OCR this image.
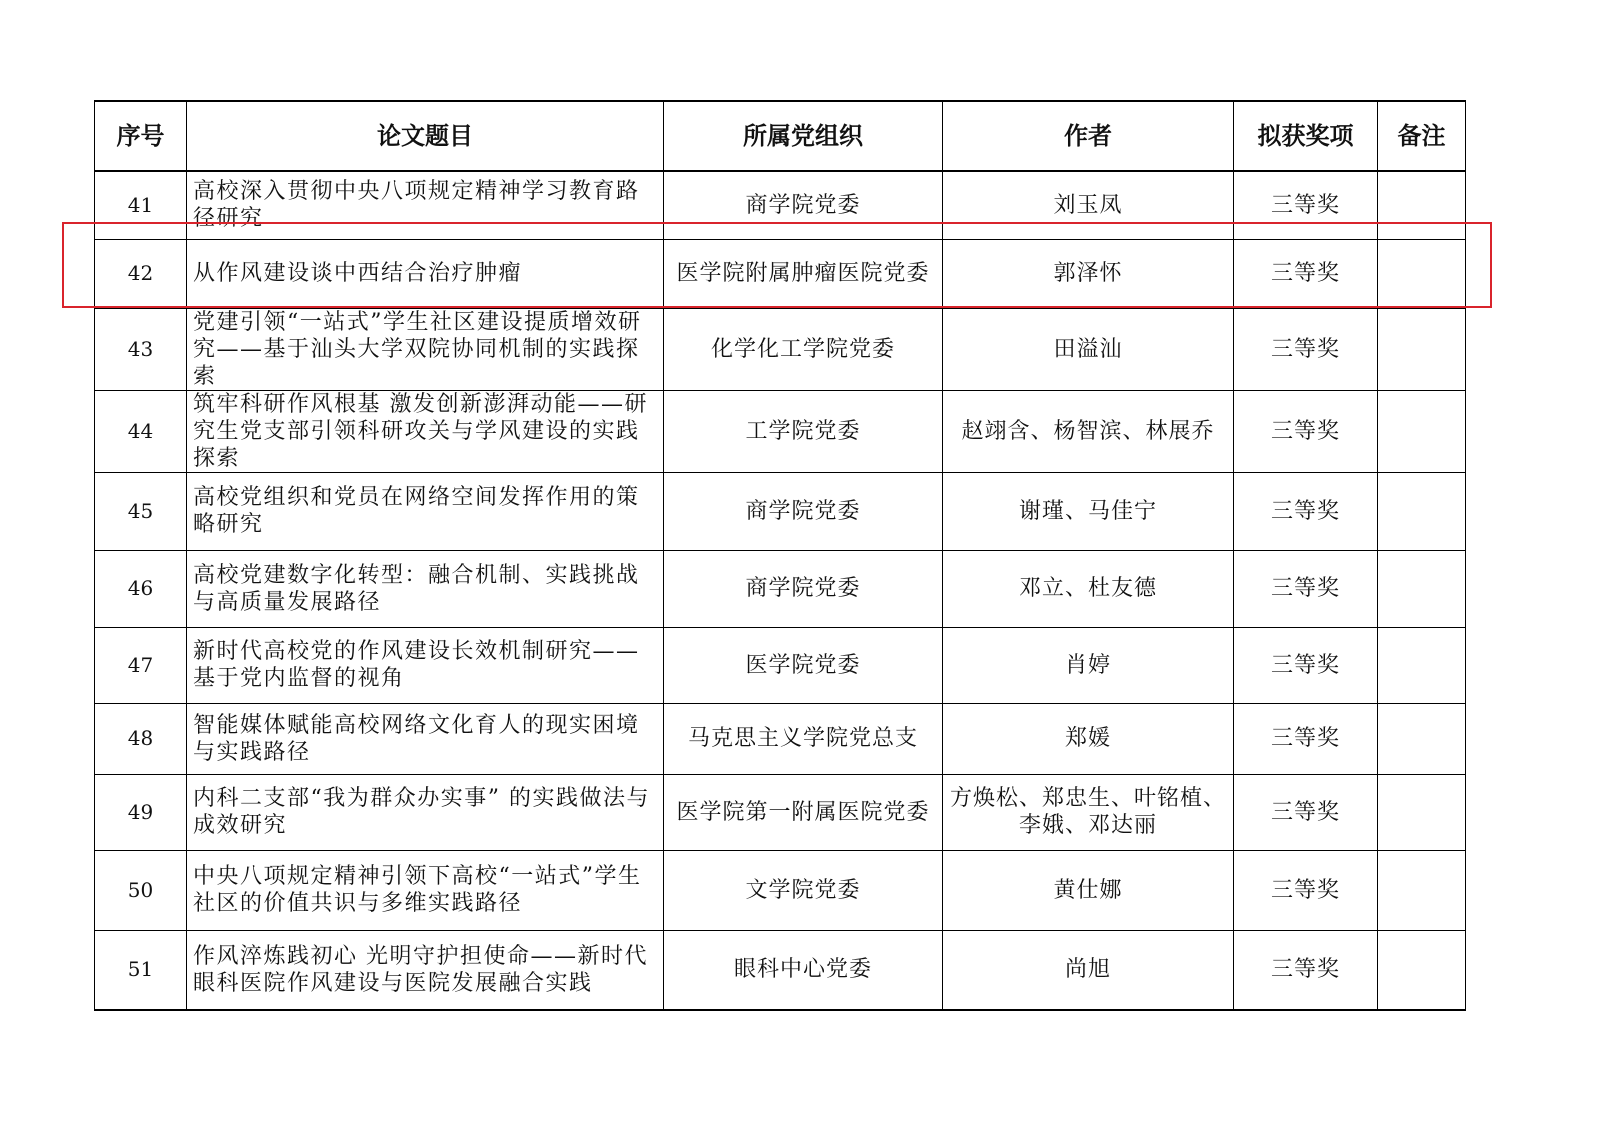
序号	论文题目	所属党组织	作者	拟获奖项	备注
41	高校深入贯彻中央八项规定精神学习教育路径研究	商学院党委	刘玉凤	三等奖	
42	从作风建设谈中西结合治疗肿瘤	医学院附属肿瘤医院党委	郭泽怀	三等奖	
43	党建引领“一站式”学生社区建设提质增效研究——基于汕头大学双院协同机制的实践探索	化学化工学院党委	田溢汕	三等奖	
44	筑牢科研作风根基 激发创新澎湃动能——研究生党支部引领科研攻关与学风建设的实践探索	工学院党委	赵翊含、杨智滨、林展乔	三等奖	
45	高校党组织和党员在网络空间发挥作用的策略研究	商学院党委	谢瑾、马佳宁	三等奖	
46	高校党建数字化转型：融合机制、实践挑战与高质量发展路径	商学院党委	邓立、杜友德	三等奖	
47	新时代高校党的作风建设长效机制研究——基于党内监督的视角	医学院党委	肖婷	三等奖	
48	智能媒体赋能高校网络文化育人的现实困境与实践路径	马克思主义学院党总支	郑媛	三等奖	
49	内科二支部“我为群众办实事” 的实践做法与成效研究	医学院第一附属医院党委	方焕松、郑忠生、叶铭植、李娥、邓达丽	三等奖	
50	中央八项规定精神引领下高校“一站式”学生社区的价值共识与多维实践路径	文学院党委	黄仕娜	三等奖	
51	作风淬炼践初心 光明守护担使命——新时代眼科医院作风建设与医院发展融合实践	眼科中心党委	尚旭	三等奖	
